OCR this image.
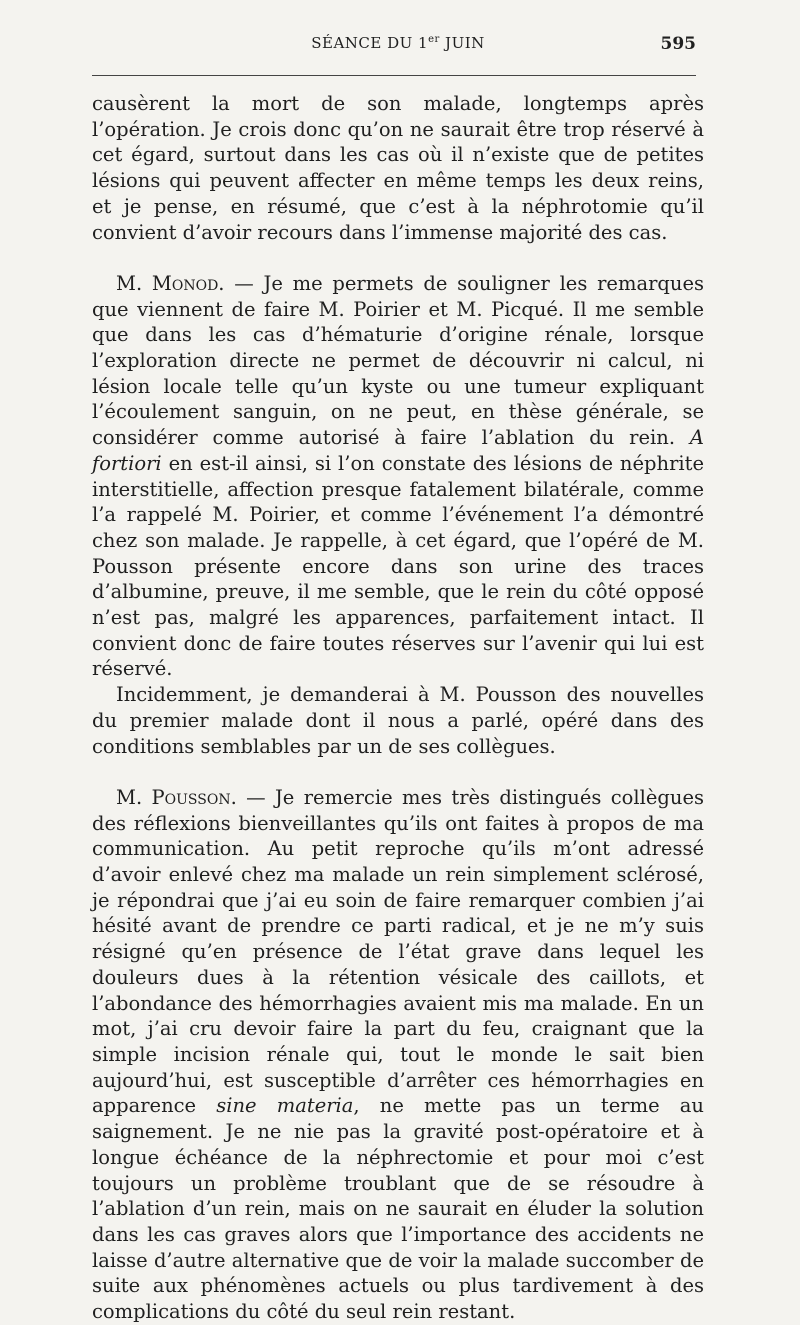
SÉANCE DU 1er JUIN	595

causèrent la mort de son malade, longtemps après l’opération. Je crois donc qu’on ne saurait être trop réservé à cet égard, surtout dans les cas où il n’existe que de petites lésions qui peuvent affecter en même temps les deux reins, et je pense, en résumé, que c’est à la néphrotomie qu’il convient d’avoir recours dans l’immense majorité des cas.

M. Monod. — Je me permets de souligner les remarques que viennent de faire M. Poirier et M. Picqué. Il me semble que dans les cas d’hématurie d’origine rénale, lorsque l’exploration directe ne permet de découvrir ni calcul, ni lésion locale telle qu’un kyste ou une tumeur expliquant l’écoulement sanguin, on ne peut, en thèse générale, se considérer comme autorisé à faire l’ablation du rein. A fortiori en est-il ainsi, si l’on constate des lésions de néphrite interstitielle, affection presque fatalement bilatérale, comme l’a rappelé M. Poirier, et comme l’événement l’a démontré chez son malade. Je rappelle, à cet égard, que l’opéré de M. Pousson présente encore dans son urine des traces d’albumine, preuve, il me semble, que le rein du côté opposé n’est pas, malgré les apparences, parfaitement intact. Il convient donc de faire toutes réserves sur l’avenir qui lui est réservé.

Incidemment, je demanderai à M. Pousson des nouvelles du premier malade dont il nous a parlé, opéré dans des conditions semblables par un de ses collègues.

M. Pousson. — Je remercie mes très distingués collègues des réflexions bienveillantes qu’ils ont faites à propos de ma communication. Au petit reproche qu’ils m’ont adressé d’avoir enlevé chez ma malade un rein simplement sclérosé, je répondrai que j’ai eu soin de faire remarquer combien j’ai hésité avant de prendre ce parti radical, et je ne m’y suis résigné qu’en présence de l’état grave dans lequel les douleurs dues à la rétention vésicale des caillots, et l’abondance des hémorrhagies avaient mis ma malade. En un mot, j’ai cru devoir faire la part du feu, craignant que la simple incision rénale qui, tout le monde le sait bien aujourd’hui, est susceptible d’arrêter ces hémorrhagies en apparence sine materia, ne mette pas un terme au saignement. Je ne nie pas la gravité post-opératoire et à longue échéance de la néphrectomie et pour moi c’est toujours un problème troublant que de se résoudre à l’ablation d’un rein, mais on ne saurait en éluder la solution dans les cas graves alors que l’importance des accidents ne laisse d’autre alternative que de voir la malade succomber de suite aux phénomènes actuels ou plus tardivement à des complications du côté du seul rein restant.
